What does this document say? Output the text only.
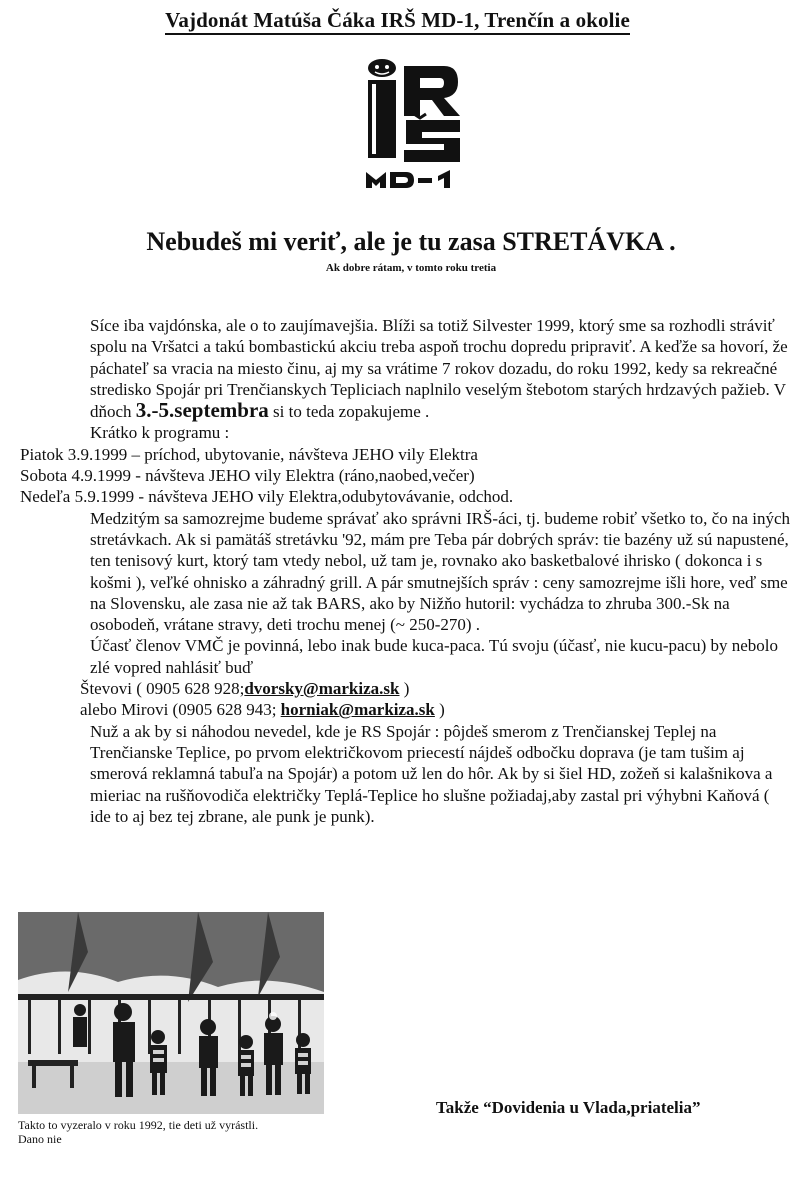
Vajdonát Matúša Čáka IRŠ MD-1, Trenčín a okolie
Nebudeš mi veriť, ale je tu zasa STRETÁVKA .
Ak dobre rátam, v tomto roku tretia

Síce iba vajdónska, ale o to zaujímavejšia. Blíži sa totiž Silvester 1999, ktorý sme sa rozhodli stráviť spolu na Vršatci a takú bombastickú akciu treba aspoň trochu dopredu pripraviť. A keďže sa hovorí, že páchateľ sa vracia na miesto činu, aj my sa vrátime 7 rokov dozadu, do roku 1992, kedy sa rekreačné stredisko Spojár pri Trenčianskych Tepliciach naplnilo veselým štebotom starých hrdzavých pažieb. V dňoch 3.-5.septembra si to teda zopakujeme .

Krátko k programu :

Piatok 3.9.1999 – príchod, ubytovanie, návšteva JEHO vily Elektra

Sobota 4.9.1999 - návšteva JEHO vily Elektra (ráno,naobed,večer)

Nedeľa 5.9.1999 - návšteva JEHO vily Elektra,odubytovávanie, odchod.

Medzitým sa samozrejme budeme správať ako správni IRŠ-áci, tj. budeme robiť všetko to, čo na iných stretávkach. Ak si pamätáš stretávku '92, mám pre Teba pár dobrých správ: tie bazény už sú napustené, ten tenisový kurt, ktorý tam vtedy nebol, už tam je, rovnako ako basketbalové ihrisko ( dokonca i s košmi ), veľké ohnisko a záhradný grill. A pár smutnejších správ : ceny samozrejme išli hore, veď sme na Slovensku, ale zasa nie až tak BARS, ako by Nižňo hutoril: vychádza to zhruba 300.-Sk na osobodeň, vrátane stravy, deti trochu menej (~ 250-270) .

Účasť členov VMČ je povinná, lebo inak bude kuca-paca. Tú svoju (účasť, nie kucu-pacu) by nebolo zlé vopred nahlásiť buď

Števovi ( 0905 628 928;dvorsky@markiza.sk )

alebo Mirovi (0905 628 943; horniak@markiza.sk )

Nuž a ak by si náhodou nevedel, kde je RS Spojár : pôjdeš smerom z Trenčianskej Teplej na Trenčianske Teplice, po prvom električkovom priecestí nájdeš odbočku doprava (je tam tušim aj smerová reklamná tabuľa na Spojár) a potom už len do hôr. Ak by si šiel HD, zožeň si kalašnikova a mieriac na rušňovodiča električky Teplá-Teplice ho slušne požiadaj,aby zastal pri výhybni Kaňová ( ide to aj bez tej zbrane, ale punk je punk).

Takto to vyzeralo v roku 1992, tie deti už vyrástli.
Dano nie
Takže “Dovidenia u Vlada,priatelia”
